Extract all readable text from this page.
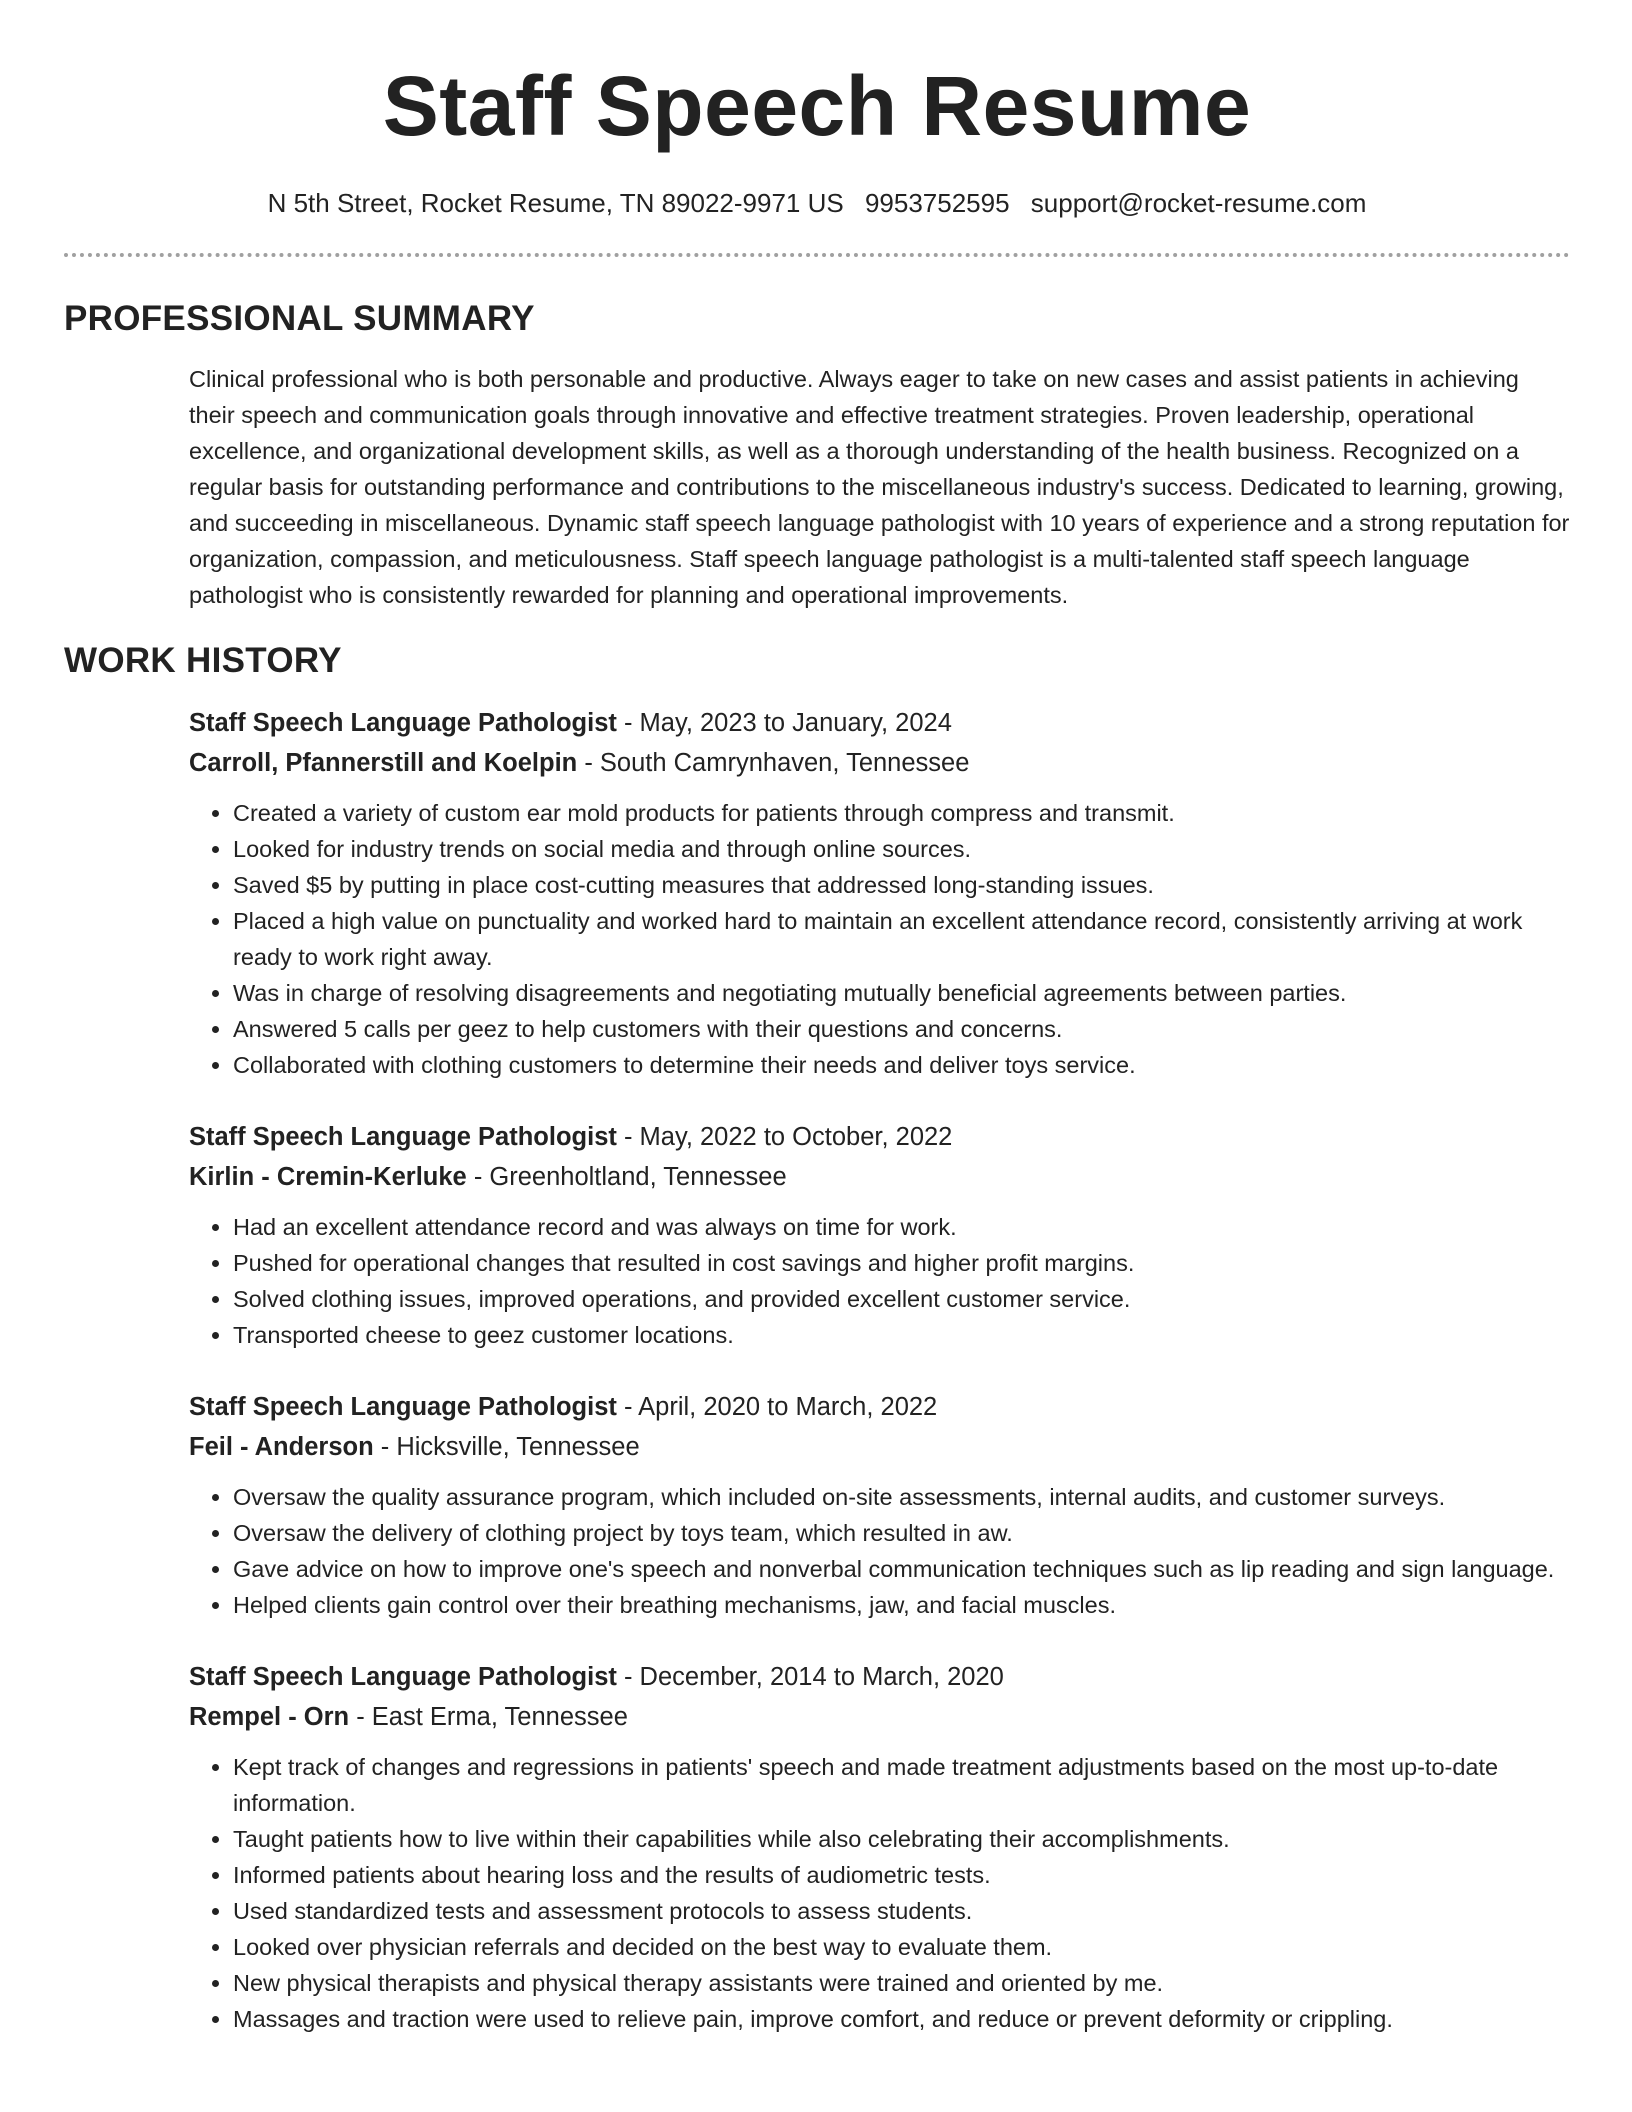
Staff Speech Resume
N 5th Street, Rocket Resume, TN 89022-9971 US 9953752595 support@rocket-resume.com
PROFESSIONAL SUMMARY

Clinical professional who is both personable and productive. Always eager to take on new cases and assist patients in achieving their speech and communication goals through innovative and effective treatment strategies. Proven leadership, operational excellence, and organizational development skills, as well as a thorough understanding of the health business. Recognized on a regular basis for outstanding performance and contributions to the miscellaneous industry's success. Dedicated to learning, growing, and succeeding in miscellaneous. Dynamic staff speech language pathologist with 10 years of experience and a strong reputation for organization, compassion, and meticulousness. Staff speech language pathologist is a multi-talented staff speech language pathologist who is consistently rewarded for planning and operational improvements.

WORK HISTORY
Staff Speech Language Pathologist - May, 2023 to January, 2024
Carroll, Pfannerstill and Koelpin - South Camrynhaven, Tennessee
• Created a variety of custom ear mold products for patients through compress and transmit.
• Looked for industry trends on social media and through online sources.
• Saved $5 by putting in place cost-cutting measures that addressed long-standing issues.
• Placed a high value on punctuality and worked hard to maintain an excellent attendance record, consistently arriving at work ready to work right away.
• Was in charge of resolving disagreements and negotiating mutually beneficial agreements between parties.
• Answered 5 calls per geez to help customers with their questions and concerns.
• Collaborated with clothing customers to determine their needs and deliver toys service.
Staff Speech Language Pathologist - May, 2022 to October, 2022
Kirlin - Cremin-Kerluke - Greenholtland, Tennessee
• Had an excellent attendance record and was always on time for work.
• Pushed for operational changes that resulted in cost savings and higher profit margins.
• Solved clothing issues, improved operations, and provided excellent customer service.
• Transported cheese to geez customer locations.
Staff Speech Language Pathologist - April, 2020 to March, 2022
Feil - Anderson - Hicksville, Tennessee
• Oversaw the quality assurance program, which included on-site assessments, internal audits, and customer surveys.
• Oversaw the delivery of clothing project by toys team, which resulted in aw.
• Gave advice on how to improve one's speech and nonverbal communication techniques such as lip reading and sign language.
• Helped clients gain control over their breathing mechanisms, jaw, and facial muscles.
Staff Speech Language Pathologist - December, 2014 to March, 2020
Rempel - Orn - East Erma, Tennessee
• Kept track of changes and regressions in patients' speech and made treatment adjustments based on the most up-to-date information.
• Taught patients how to live within their capabilities while also celebrating their accomplishments.
• Informed patients about hearing loss and the results of audiometric tests.
• Used standardized tests and assessment protocols to assess students.
• Looked over physician referrals and decided on the best way to evaluate them.
• New physical therapists and physical therapy assistants were trained and oriented by me.
• Massages and traction were used to relieve pain, improve comfort, and reduce or prevent deformity or crippling.
